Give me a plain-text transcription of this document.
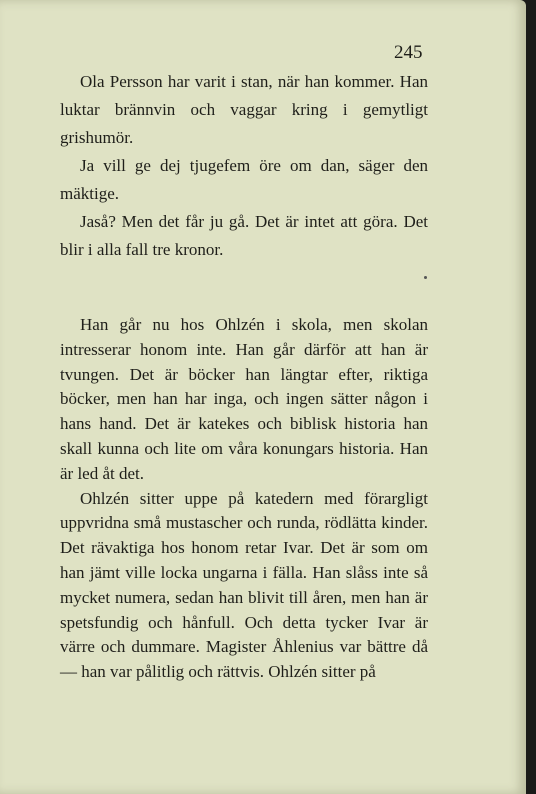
245

Ola Persson har varit i stan, när han kommer. Han luktar brännvin och vaggar kring i gemytligt grishumör.

Ja vill ge dej tjugefem öre om dan, säger den mäktige.

Jaså? Men det får ju gå. Det är intet att göra. Det blir i alla fall tre kronor.

Han går nu hos Ohlzén i skola, men skolan intresserar honom inte. Han går därför att han är tvungen. Det är böcker han längtar efter, riktiga böcker, men han har inga, och ingen sätter någon i hans hand. Det är katekes och biblisk historia han skall kunna och lite om våra konungars historia. Han är led åt det.

Ohlzén sitter uppe på katedern med förargligt uppvridna små mustascher och runda, rödlätta kinder. Det rävaktiga hos honom retar Ivar. Det är som om han jämt ville locka ungarna i fälla. Han slåss inte så mycket numera, sedan han blivit till åren, men han är spetsfundig och hånfull. Och detta tycker Ivar är värre och dummare. Magister Åhlenius var bättre då — han var pålitlig och rättvis. Ohlzén sitter på
